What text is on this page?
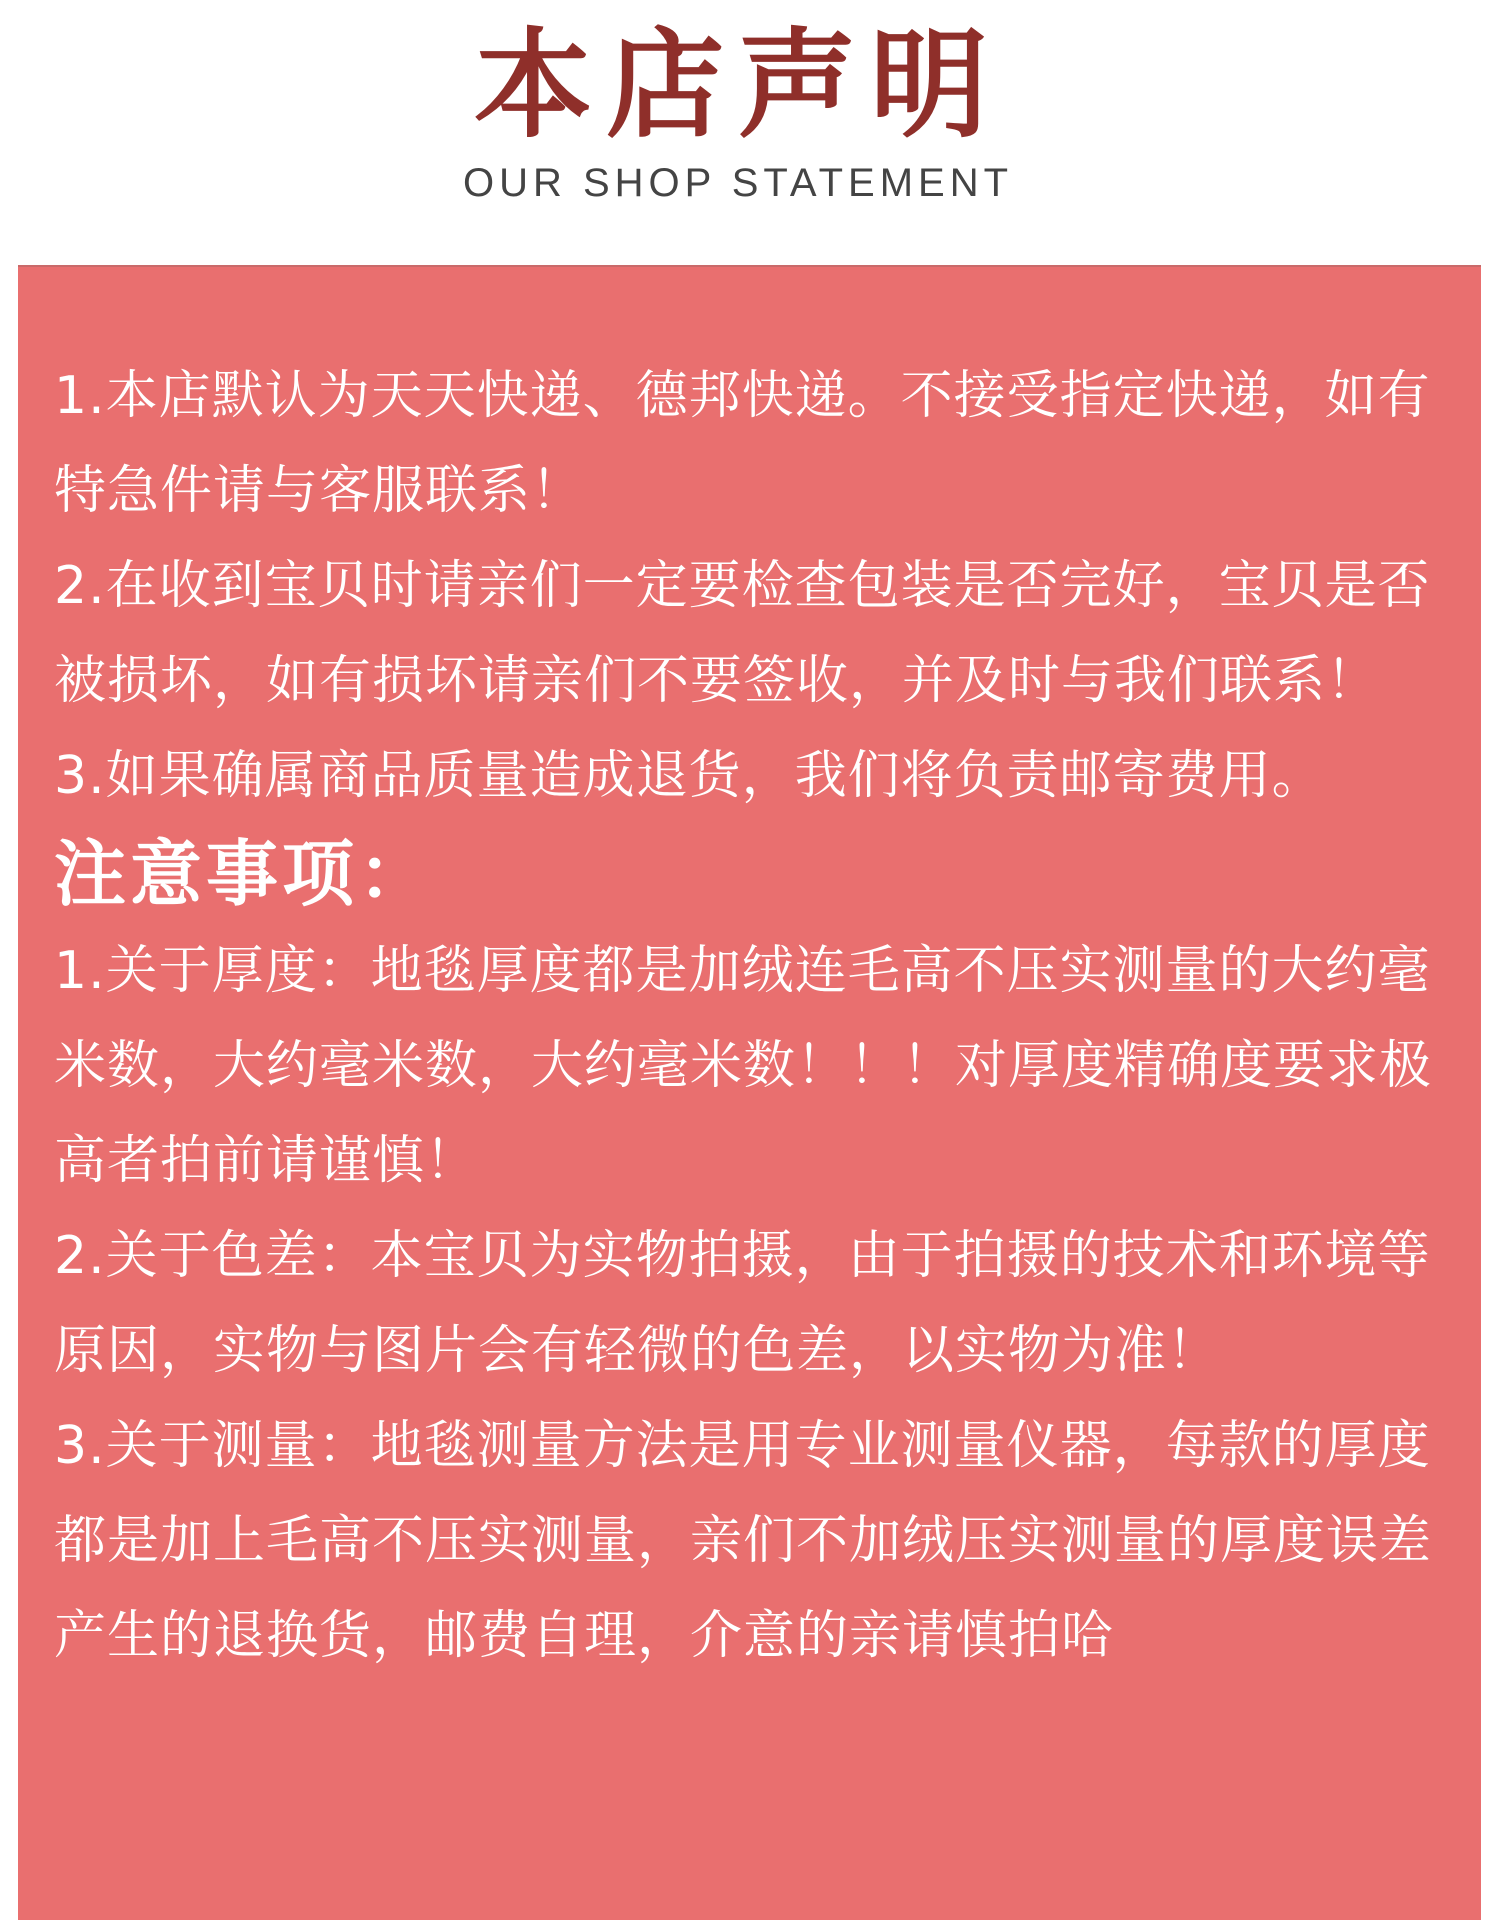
本店声明
OUR SHOP STATEMENT

1.本店默认为天天快递、德邦快递。不接受指定快递，如有特急件请与客服联系！

2.在收到宝贝时请亲们一定要检查包装是否完好，宝贝是否被损坏，如有损坏请亲们不要签收，并及时与我们联系！

3.如果确属商品质量造成退货，我们将负责邮寄费用。

注意事项：

1.关于厚度：地毯厚度都是加绒连毛高不压实测量的大约毫米数，大约毫米数，大约毫米数！！！对厚度精确度要求极高者拍前请谨慎！

2.关于色差：本宝贝为实物拍摄，由于拍摄的技术和环境等原因，实物与图片会有轻微的色差，以实物为准！

3.关于测量：地毯测量方法是用专业测量仪器，每款的厚度都是加上毛高不压实测量，亲们不加绒压实测量的厚度误差产生的退换货，邮费自理，介意的亲请慎拍哈
